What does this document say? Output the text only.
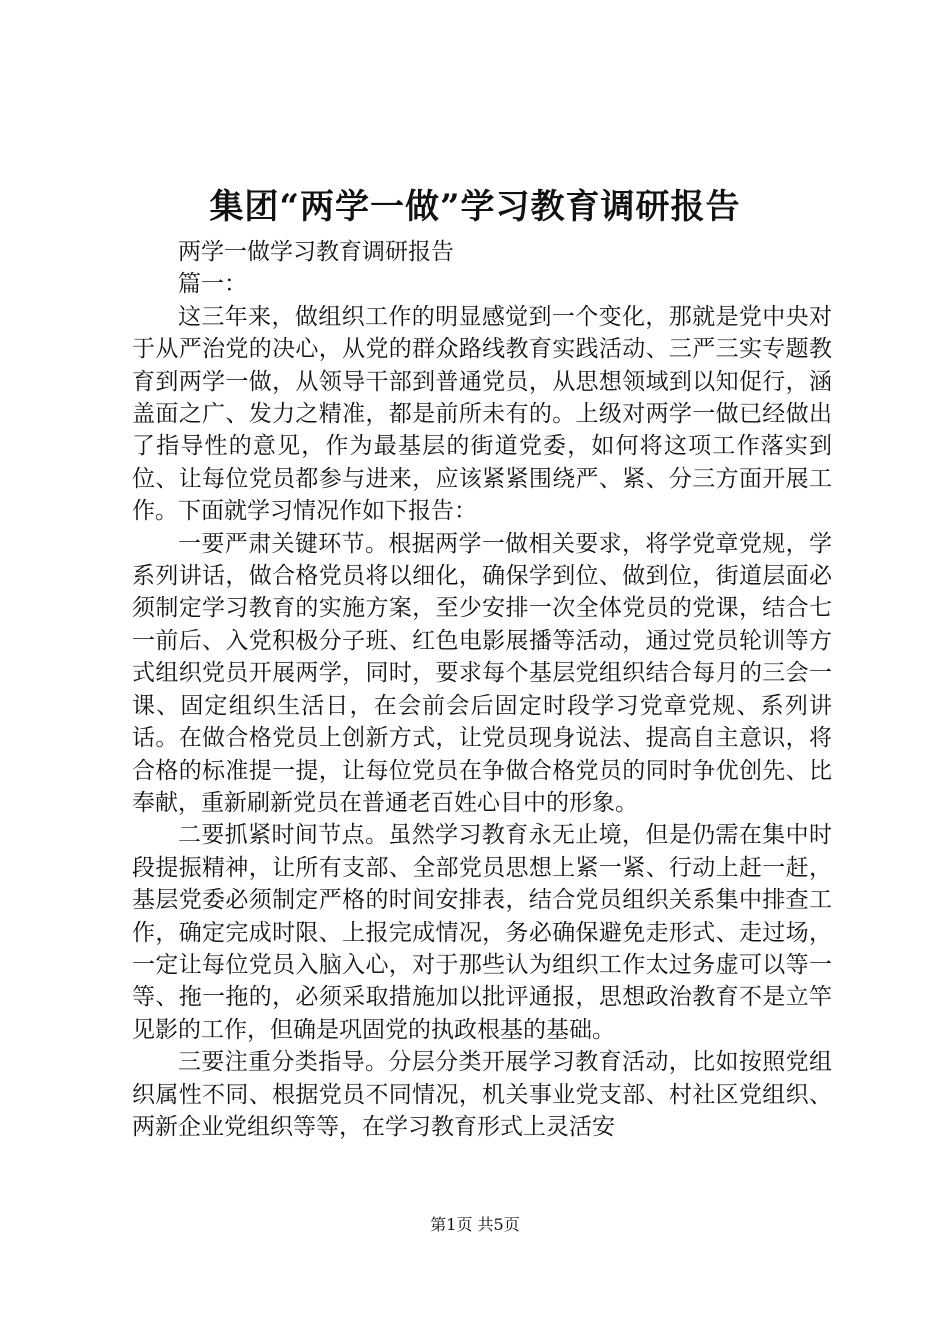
集团“两学一做”学习教育调研报告

两学一做学习教育调研报告

篇一：

这三年来，做组织工作的明显感觉到一个变化，那就是党中央对于从严治党的决心，从党的群众路线教育实践活动、三严三实专题教育到两学一做，从领导干部到普通党员，从思想领域到以知促行，涵盖面之广、发力之精准，都是前所未有的。上级对两学一做已经做出了指导性的意见，作为最基层的街道党委，如何将这项工作落实到位、让每位党员都参与进来，应该紧紧围绕严、紧、分三方面开展工作。下面就学习情况作如下报告：

一要严肃关键环节。根据两学一做相关要求，将学党章党规，学系列讲话，做合格党员将以细化，确保学到位、做到位，街道层面必须制定学习教育的实施方案，至少安排一次全体党员的党课，结合七一前后、入党积极分子班、红色电影展播等活动，通过党员轮训等方式组织党员开展两学，同时，要求每个基层党组织结合每月的三会一课、固定组织生活日，在会前会后固定时段学习党章党规、系列讲话。在做合格党员上创新方式，让党员现身说法、提高自主意识，将合格的标准提一提，让每位党员在争做合格党员的同时争优创先、比奉献，重新刷新党员在普通老百姓心目中的形象。

二要抓紧时间节点。虽然学习教育永无止境，但是仍需在集中时段提振精神，让所有支部、全部党员思想上紧一紧、行动上赶一赶，基层党委必须制定严格的时间安排表，结合党员组织关系集中排查工作，确定完成时限、上报完成情况，务必确保避免走形式、走过场，一定让每位党员入脑入心，对于那些认为组织工作太过务虚可以等一等、拖一拖的，必须采取措施加以批评通报，思想政治教育不是立竿见影的工作，但确是巩固党的执政根基的基础。

三要注重分类指导。分层分类开展学习教育活动，比如按照党组织属性不同、根据党员不同情况，机关事业党支部、村社区党组织、两新企业党组织等等，在学习教育形式上灵活安

第1页 共5页
